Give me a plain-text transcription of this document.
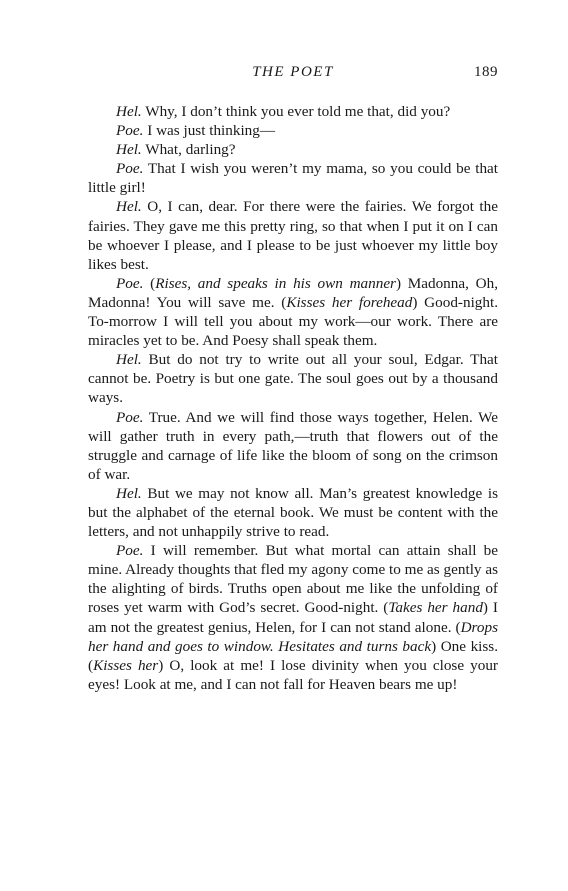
THE POET	189

Hel. Why, I don’t think you ever told me that, did you?

Poe. I was just thinking—

Hel. What, darling?

Poe. That I wish you weren’t my mama, so you could be that little girl!

Hel. O, I can, dear. For there were the fairies. We forgot the fairies. They gave me this pretty ring, so that when I put it on I can be whoever I please, and I please to be just whoever my little boy likes best.

Poe. (Rises, and speaks in his own manner) Madonna, Oh, Madonna! You will save me. (Kisses her forehead) Good-night. To-morrow I will tell you about my work—our work. There are miracles yet to be. And Poesy shall speak them.

Hel. But do not try to write out all your soul, Edgar. That cannot be. Poetry is but one gate. The soul goes out by a thousand ways.

Poe. True. And we will find those ways together, Helen. We will gather truth in every path,—truth that flowers out of the struggle and carnage of life like the bloom of song on the crimson of war.

Hel. But we may not know all. Man’s greatest knowledge is but the alphabet of the eternal book. We must be content with the letters, and not unhappily strive to read.

Poe. I will remember. But what mortal can attain shall be mine. Already thoughts that fled my agony come to me as gently as the alighting of birds. Truths open about me like the unfolding of roses yet warm with God’s secret. Good-night. (Takes her hand) I am not the greatest genius, Helen, for I can not stand alone. (Drops her hand and goes to window. Hesitates and turns back) One kiss. (Kisses her) O, look at me! I lose divinity when you close your eyes! Look at me, and I can not fall for Heaven bears me up!
